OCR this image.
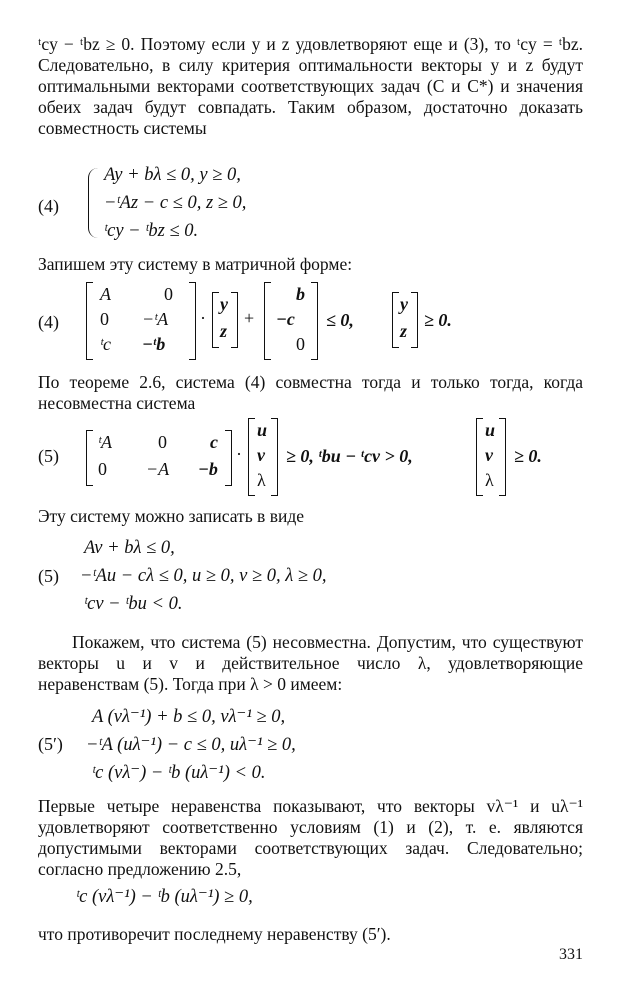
ᵗcy − ᵗbz ≥ 0. Поэтому если y и z удовлетворяют еще и (3), то ᵗcy = ᵗbz. Следовательно, в силу критерия оптимальности векторы y и z будут оптимальными векторами соответствующих задач (С и С*) и значения обеих задач будут совпадать. Таким образом, достаточно доказать совместность системы
(4)
Ay + bλ ≤ 0, y ≥ 0,
−ᵗAz − c ≤ 0, z ≥ 0,
ᵗcy − ᵗbz ≤ 0.
Запишем эту систему в матричной форме:
(4)
A	0
0 −ᵗA
ᵗc −ᵗb
·
y
z
+
b
−c
0
≤ 0,
y
z
≥ 0.
По теореме 2.6, система (4) совместна тогда и только тогда, когда несовместна система
(5)
ᵗA	0 c
0 −A −b
·
u
v
λ
≥ 0, ᵗbu − ᵗcv > 0,
u
v
λ
≥ 0.
Эту систему можно записать в виде
Av + bλ ≤ 0,
(5) −ᵗAu − cλ ≤ 0, u ≥ 0, v ≥ 0, λ ≥ 0,
ᵗcv − ᵗbu < 0.
Покажем, что система (5) несовместна. Допустим, что существуют векторы u и v и действительное число λ, удовлетворяющие неравенствам (5). Тогда при λ > 0 имеем:
A (vλ⁻¹) + b ≤ 0, vλ⁻¹ ≥ 0,
(5′) −ᵗA (uλ⁻¹) − c ≤ 0, uλ⁻¹ ≥ 0,
ᵗc (vλ⁻) − ᵗb (uλ⁻¹) < 0.
Первые четыре неравенства показывают, что векторы vλ⁻¹ и uλ⁻¹ удовлетворяют соответственно условиям (1) и (2), т. е. являются допустимыми векторами соответствующих задач. Следовательно; согласно предложению 2.5,
ᵗc (vλ⁻¹) − ᵗb (uλ⁻¹) ≥ 0,
что противоречит последнему неравенству (5′).
331
